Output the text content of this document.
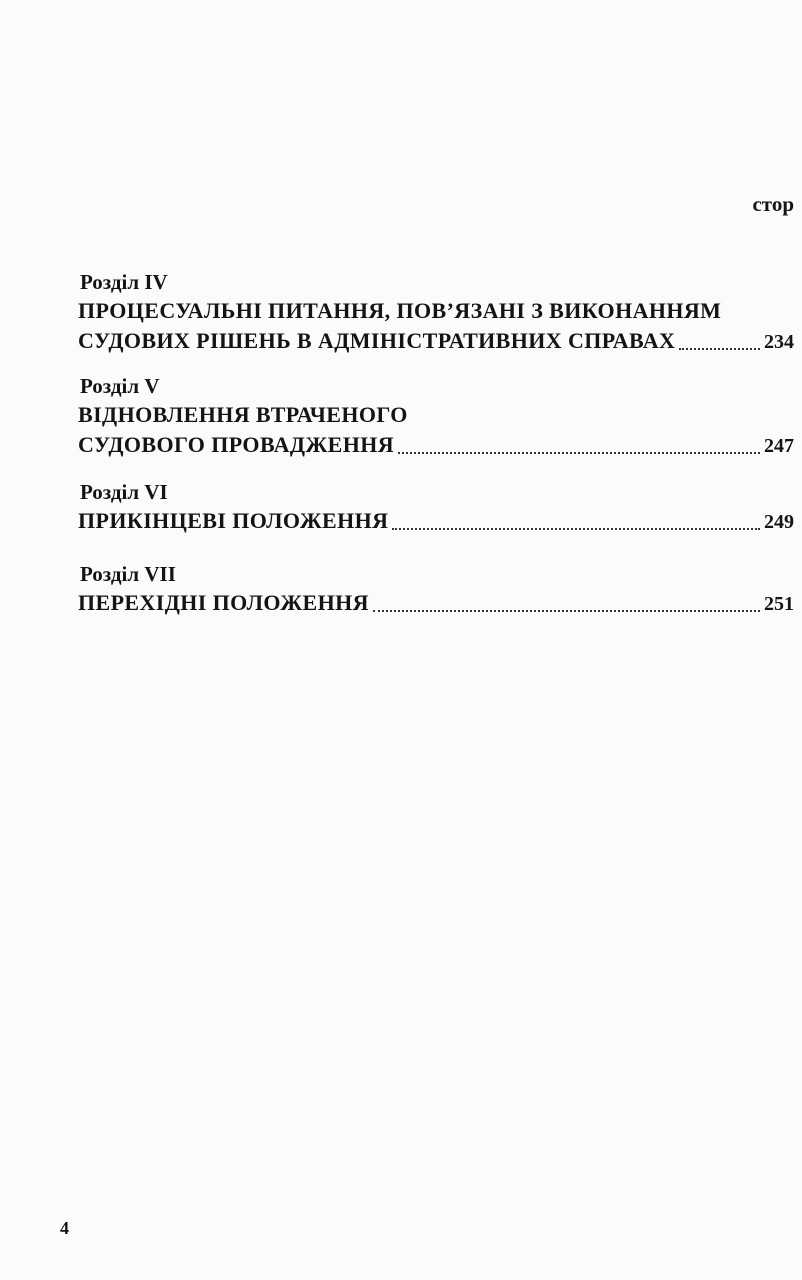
стор
Розділ IV
ПРОЦЕСУАЛЬНІ ПИТАННЯ, ПОВ’ЯЗАНІ З ВИКОНАННЯМ
СУДОВИХ РІШЕНЬ В АДМІНІСТРАТИВНИХ СПРАВАХ	234
Розділ V
ВІДНОВЛЕННЯ ВТРАЧЕНОГО
СУДОВОГО ПРОВАДЖЕННЯ	247
Розділ VI
ПРИКІНЦЕВІ ПОЛОЖЕННЯ	249
Розділ VII
ПЕРЕХІДНІ ПОЛОЖЕННЯ	251
4
